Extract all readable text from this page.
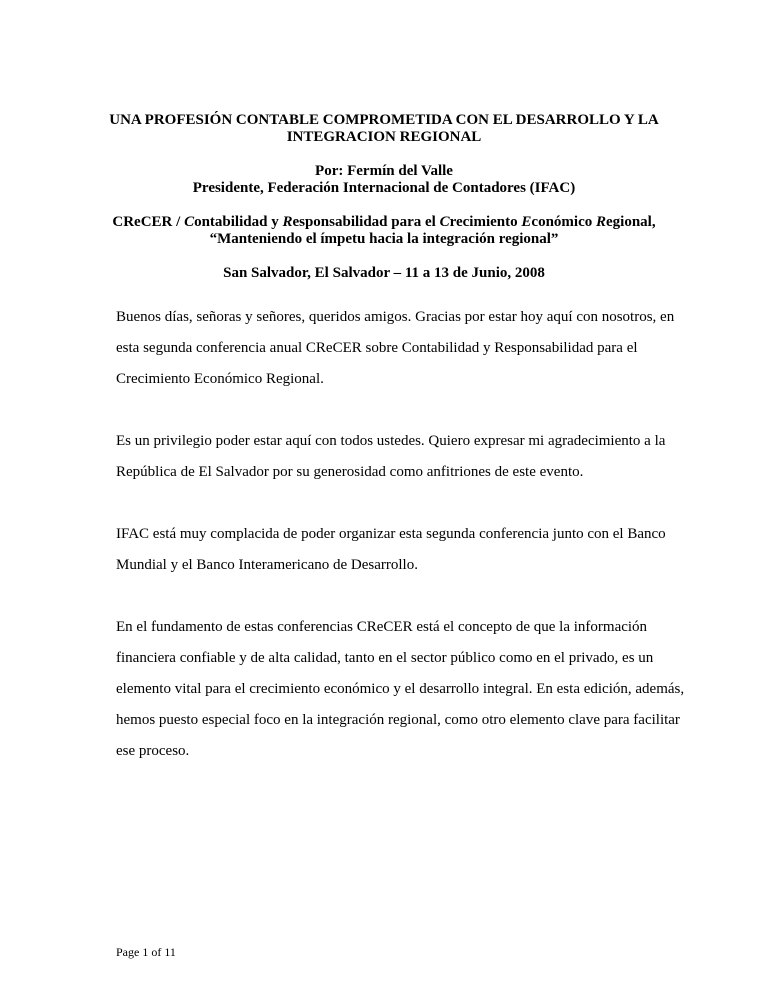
UNA PROFESIÓN CONTABLE COMPROMETIDA CON EL DESARROLLO Y LA
INTEGRACION REGIONAL
Por: Fermín del Valle
Presidente, Federación Internacional de Contadores (IFAC)
CReCER / Contabilidad y Responsabilidad para el Crecimiento Económico Regional,
“Manteniendo el ímpetu hacia la integración regional”
San Salvador, El Salvador – 11 a 13 de Junio, 2008
Buenos días, señoras y señores, queridos amigos. Gracias por estar hoy aquí con nosotros, en
esta segunda conferencia anual CReCER sobre Contabilidad y Responsabilidad para el
Crecimiento Económico Regional.
Es un privilegio poder estar aquí con todos ustedes. Quiero expresar mi agradecimiento a la
República de El Salvador por su generosidad como anfitriones de este evento.
IFAC está muy complacida de poder organizar esta segunda conferencia junto con el Banco
Mundial y el Banco Interamericano de Desarrollo.
En el fundamento de estas conferencias CReCER está el concepto de que la información
financiera confiable y de alta calidad, tanto en el sector público como en el privado, es un
elemento vital para el crecimiento económico y el desarrollo integral. En esta edición, además,
hemos puesto especial foco en la integración regional, como otro elemento clave para facilitar
ese proceso.
Page 1 of 11
